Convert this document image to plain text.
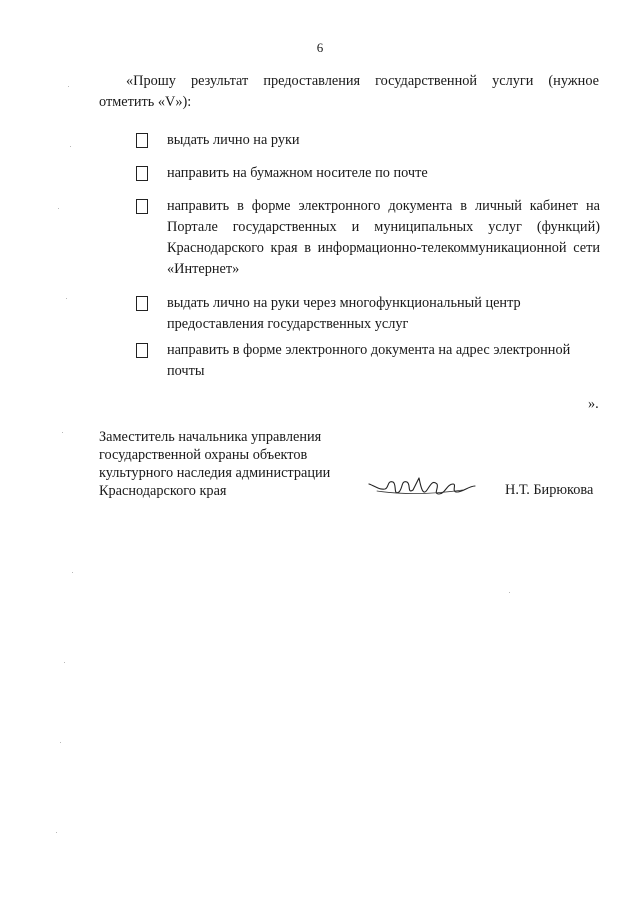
6
«Прошу результат предоставления государственной услуги (нужное отметить «V»):
выдать лично на руки
направить на бумажном носителе по почте
направить в форме электронного документа в личный кабинет на Портале государственных и муниципальных услуг (функций) Краснодарского края в информационно-телекоммуникационной сети «Интернет»
выдать лично на руки через многофункциональный центр предоставления государственных услуг
направить в форме электронного документа на адрес электронной почты
».
Заместитель начальника управления государственной охраны объектов культурного наследия администрации Краснодарского края	Н.Т. Бирюкова
